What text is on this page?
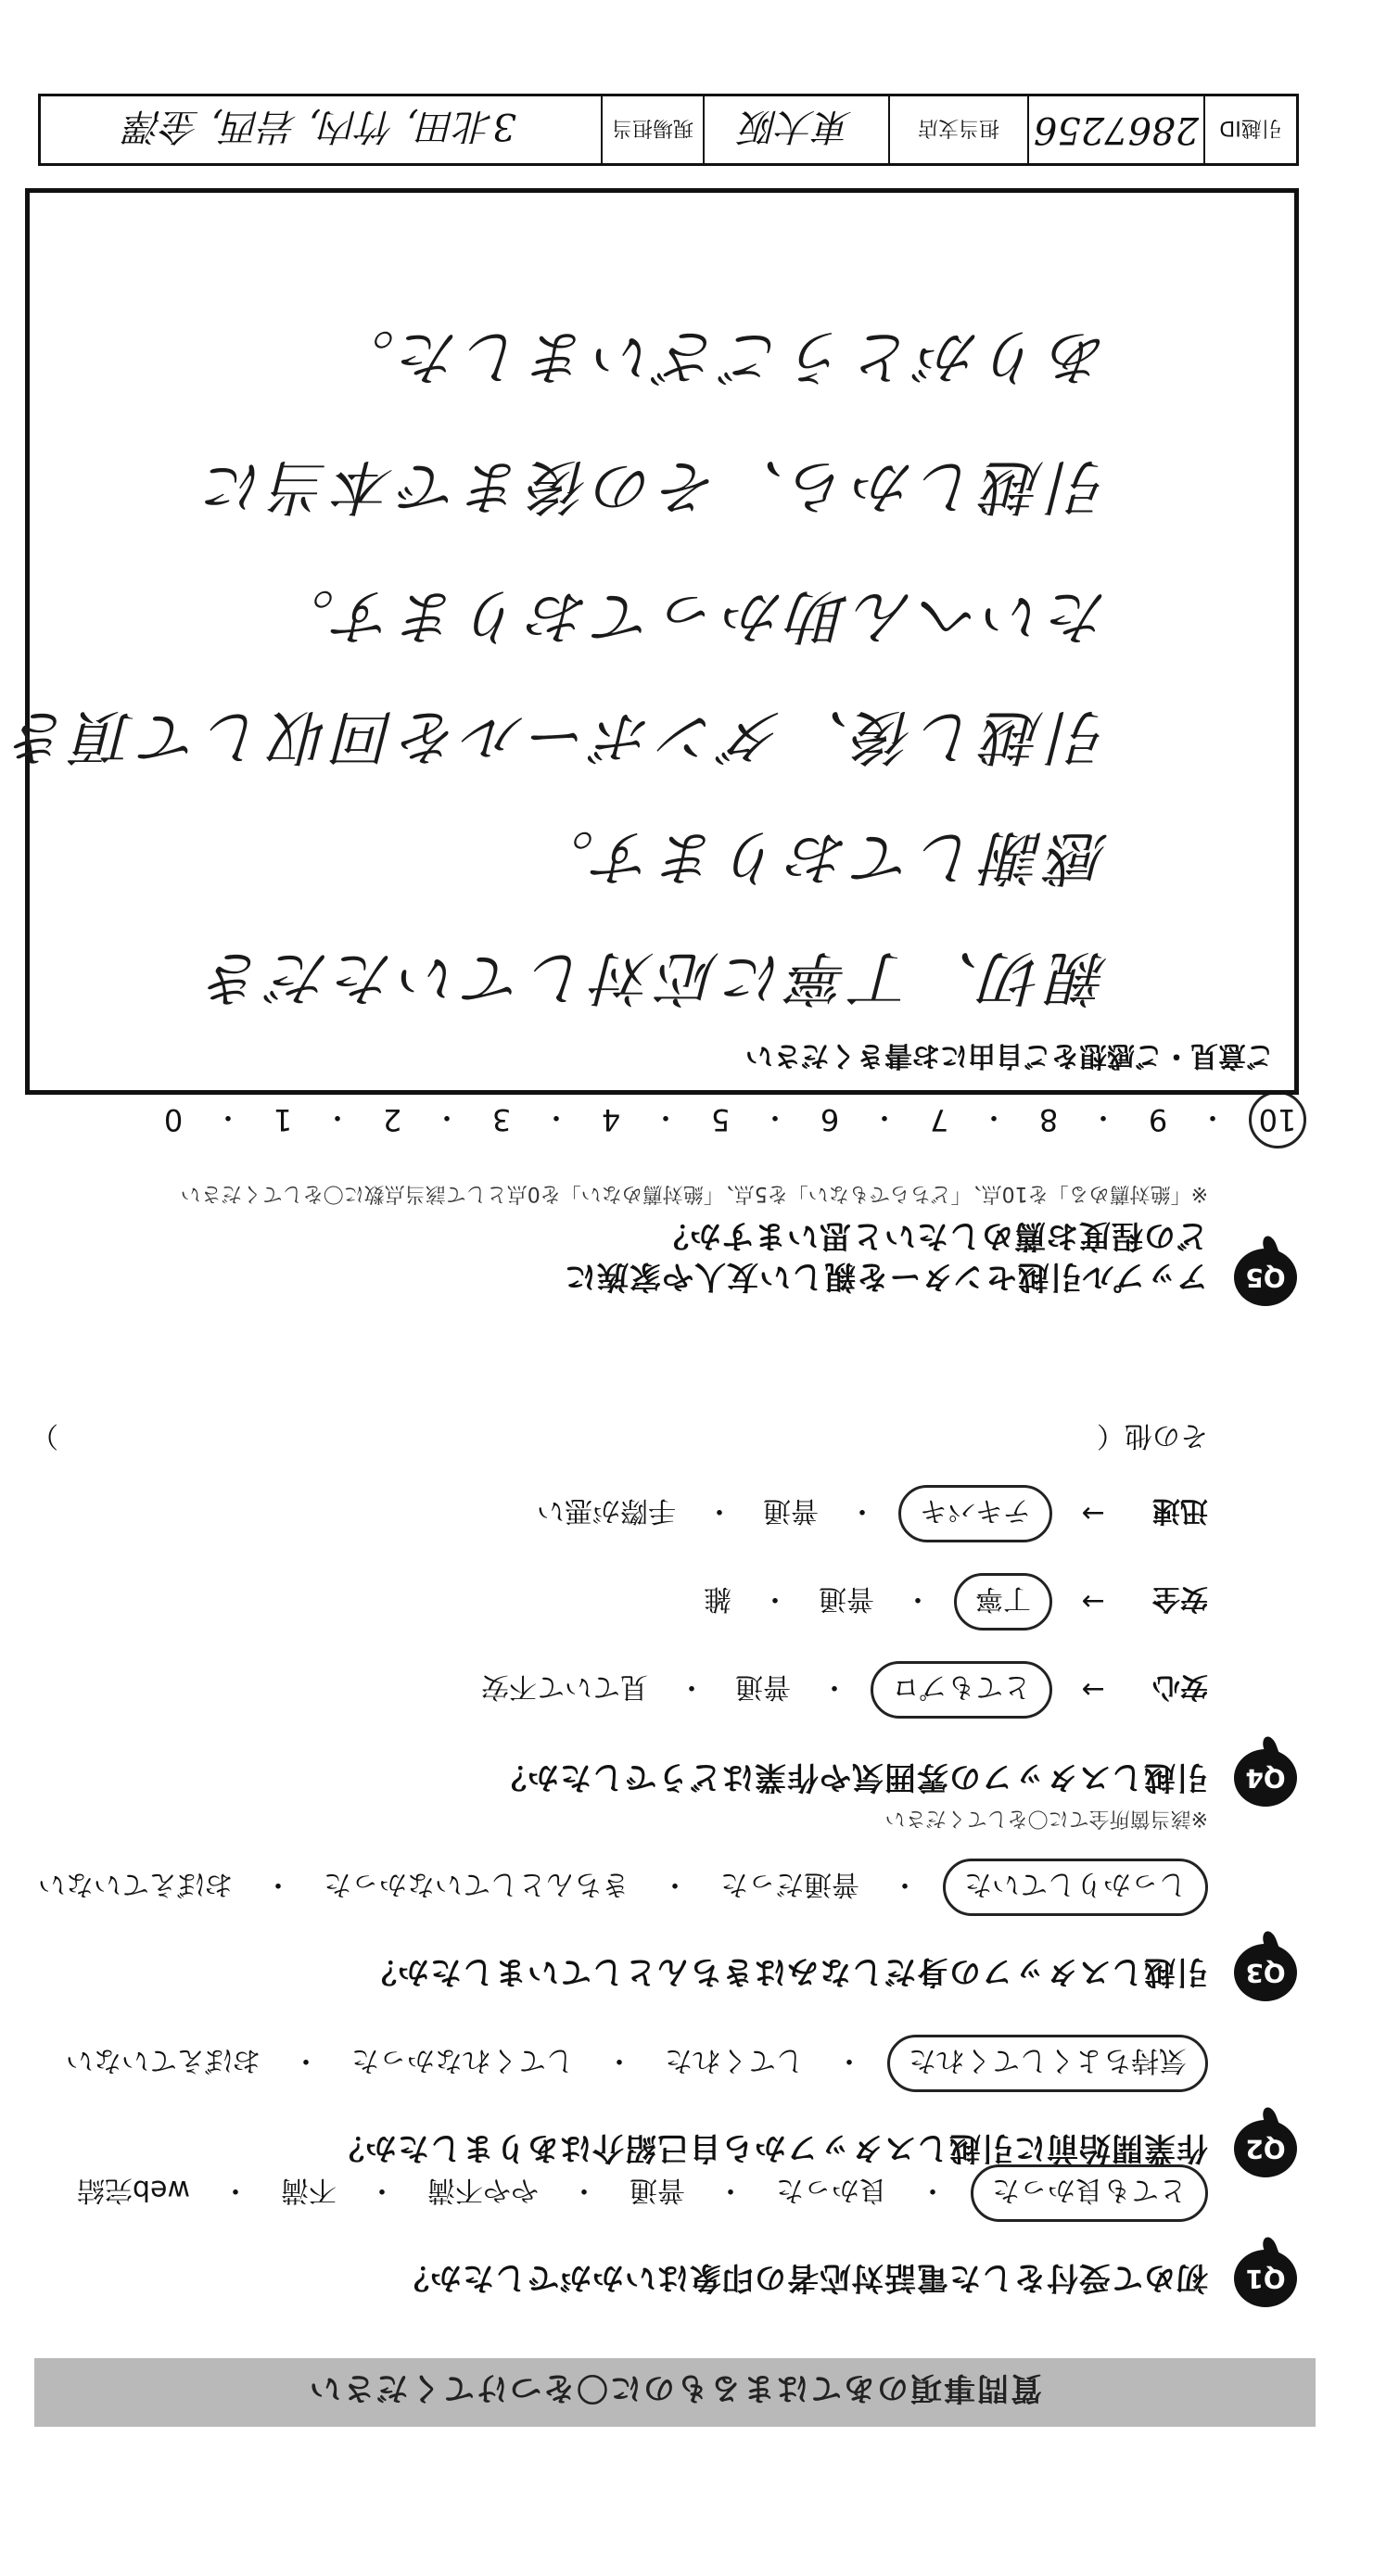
質問事項のあてはまるものに〇をつけてください
Q1
初めて受付をした電話対応者の印象はいかがでしたか？
とても良かった
・
良かった
・
普通
・
やや不満
・
不満
・
web完結
Q2
作業開始前に引越しスタッフから自己紹介はありましたか？
気持ちよくしてくれた
・
してくれた
・
してくれなかった
・
おぼえていない
Q3
引越しスタッフの身だしなみはきちんとしていましたか？
しっかりしていた
・
普通だった
・
きちんとしていなかった
・
おぼえていない
Q4
引越しスタッフの雰囲気や作業はどうでしたか？
※該当箇所全てに〇をしてください
安心
→
とてもプロ
・
普通
・
見ていて不安
安全
→
丁寧
・
普通
・
雑
迅速
→
テキパキ
・
普通
・
手際が悪い
その他（
）
Q5
アップル引越センターを親しい友人や家族に
どの程度お薦めしたいと思いますか？
※「絶対薦める」を10点、「どちらでもない」を5点、「絶対薦めない」を0点として該当点数に〇をしてください
10
・
9
・
8
・
7
・
6
・
5
・
4
・
3
・
2
・
1
・
0
ご意見・ご感想をご自由にお書きください
親切、丁寧に応対していただき
感謝しております。
引越し後、ダンボールを回収して頂き
たいへん助かっております。
引越しから、その後まで本当に
ありがとうございました。
引越ID
2867256
担当支店
東大阪
現場担当
3北田, 竹内, 岩西, 金澤
